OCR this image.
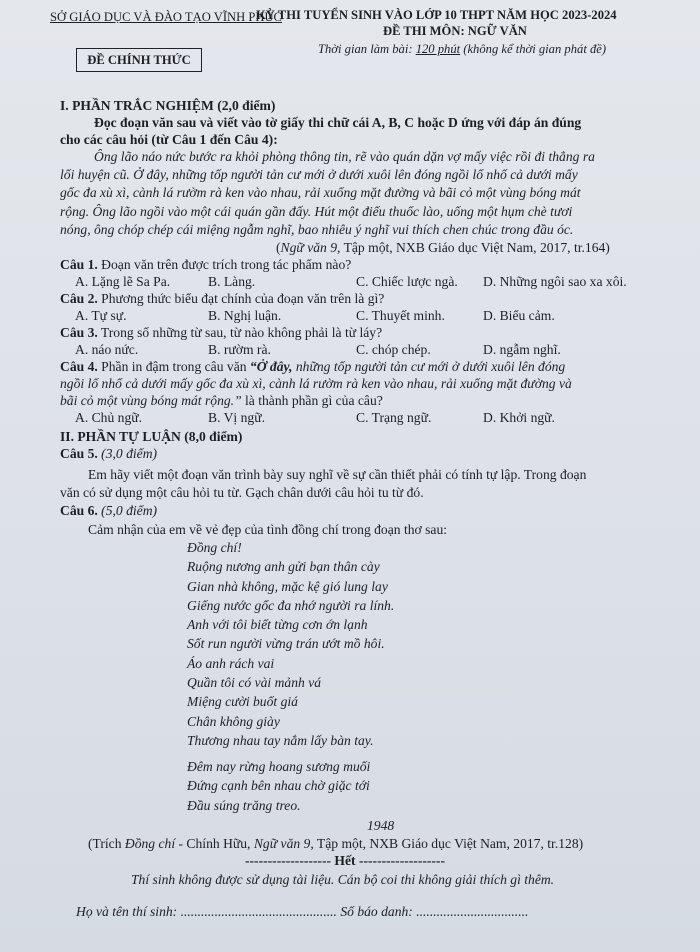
SỞ GIÁO DỤC VÀ ĐÀO TẠO VĨNH PHÚC
KỲ THI TUYỂN SINH VÀO LỚP 10 THPT NĂM HỌC 2023-2024
ĐỀ THI MÔN: NGỮ VĂN
Thời gian làm bài: 120 phút (không kể thời gian phát đề)
ĐỀ CHÍNH THỨC
I. PHẦN TRẮC NGHIỆM (2,0 điểm)
Đọc đoạn văn sau và viết vào tờ giấy thi chữ cái A, B, C hoặc D ứng với đáp án đúng
cho các câu hỏi (từ Câu 1 đến Câu 4):
Ông lão náo nức bước ra khỏi phòng thông tin, rẽ vào quán dặn vợ mấy việc rồi đi thẳng ra
lối huyện cũ. Ở đây, những tốp người tản cư mới ở dưới xuôi lên đóng ngồi lố nhố cả dưới mấy
gốc đa xù xì, cành lá rườm rà ken vào nhau, rải xuống mặt đường và bãi cỏ một vùng bóng mát
rộng. Ông lão ngồi vào một cái quán gần đấy. Hút một điếu thuốc lào, uống một hụm chè tươi
nóng, ông chóp chép cái miệng ngẫm nghĩ, bao nhiêu ý nghĩ vui thích chen chúc trong đầu óc.
(Ngữ văn 9, Tập một, NXB Giáo dục Việt Nam, 2017, tr.164)
Câu 1. Đoạn văn trên được trích trong tác phẩm nào?
A. Lặng lẽ Sa Pa.	B. Làng.	C. Chiếc lược ngà.	D. Những ngôi sao xa xôi.
Câu 2. Phương thức biểu đạt chính của đoạn văn trên là gì?
A. Tự sự.	B. Nghị luận.	C. Thuyết minh.	D. Biểu cảm.
Câu 3. Trong số những từ sau, từ nào không phải là từ láy?
A. náo nức.	B. rườm rà.	C. chóp chép.	D. ngẫm nghĩ.
Câu 4. Phần in đậm trong câu văn “Ở đây, những tốp người tản cư mới ở dưới xuôi lên đóng
ngồi lố nhố cả dưới mấy gốc đa xù xì, cành lá rườm rà ken vào nhau, rải xuống mặt đường và
bãi cỏ một vùng bóng mát rộng.” là thành phần gì của câu?
A. Chủ ngữ.	B. Vị ngữ.	C. Trạng ngữ.	D. Khởi ngữ.
II. PHẦN TỰ LUẬN (8,0 điểm)
Câu 5. (3,0 điểm)
Em hãy viết một đoạn văn trình bày suy nghĩ về sự cần thiết phải có tính tự lập. Trong đoạn
văn có sử dụng một câu hỏi tu từ. Gạch chân dưới câu hỏi tu từ đó.
Câu 6. (5,0 điểm)
Cảm nhận của em về vẻ đẹp của tình đồng chí trong đoạn thơ sau:
Đồng chí!
Ruộng nương anh gửi bạn thân cày
Gian nhà không, mặc kệ gió lung lay
Giếng nước gốc đa nhớ người ra lính.
Anh với tôi biết từng cơn ớn lạnh
Sốt run người vừng trán ướt mồ hôi.
Áo anh rách vai
Quần tôi có vài mảnh vá
Miệng cười buốt giá
Chân không giày
Thương nhau tay nắm lấy bàn tay.
Đêm nay rừng hoang sương muối
Đứng cạnh bên nhau chờ giặc tới
Đầu súng trăng treo.
1948
(Trích Đồng chí - Chính Hữu, Ngữ văn 9, Tập một, NXB Giáo dục Việt Nam, 2017, tr.128)
------------------- Hết -------------------
Thí sinh không được sử dụng tài liệu. Cán bộ coi thi không giải thích gì thêm.
Họ và tên thí sinh: .............................................. Số báo danh: .................................
